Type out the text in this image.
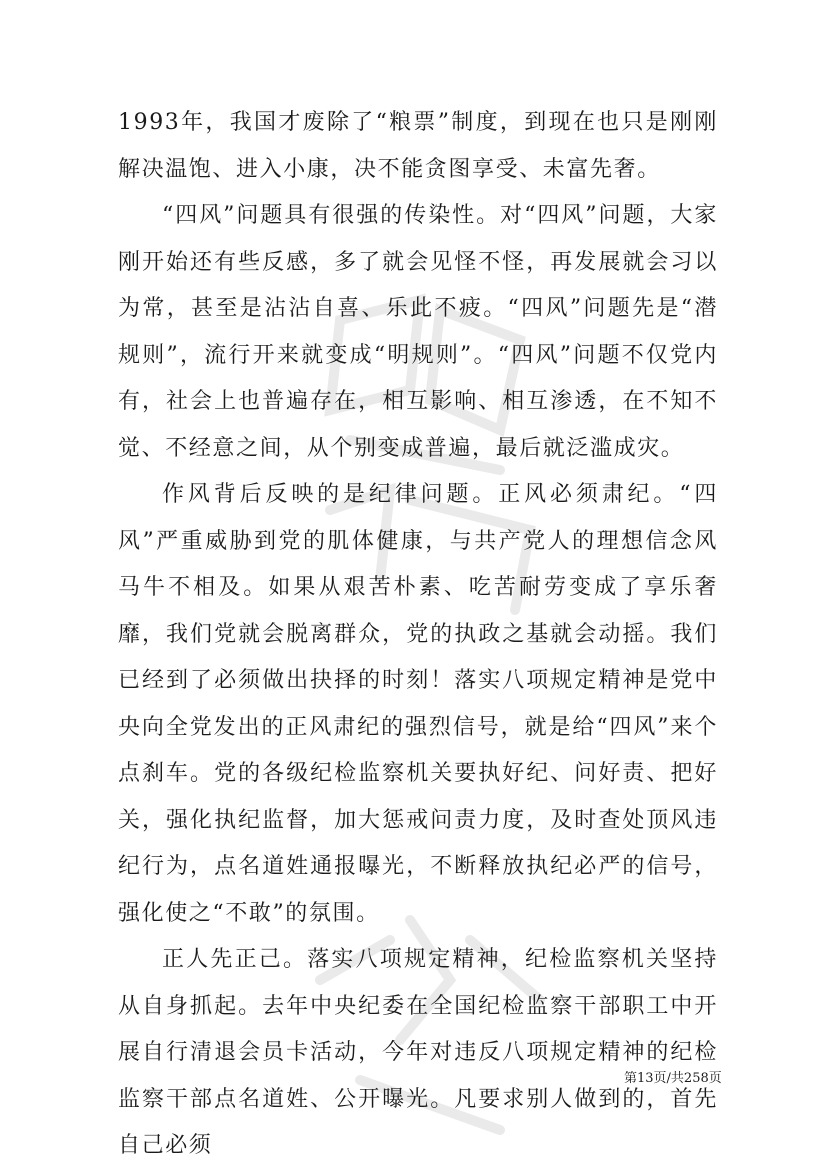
1993年，我国才废除了“粮票”制度，到现在也只是刚刚解决温饱、进入小康，决不能贪图享受、未富先奢。

“四风”问题具有很强的传染性。对“四风”问题，大家刚开始还有些反感，多了就会见怪不怪，再发展就会习以为常，甚至是沾沾自喜、乐此不疲。“四风”问题先是“潜规则”，流行开来就变成“明规则”。“四风”问题不仅党内有，社会上也普遍存在，相互影响、相互渗透，在不知不觉、不经意之间，从个别变成普遍，最后就泛滥成灾。

作风背后反映的是纪律问题。正风必须肃纪。“四风”严重威胁到党的肌体健康，与共产党人的理想信念风马牛不相及。如果从艰苦朴素、吃苦耐劳变成了享乐奢靡，我们党就会脱离群众，党的执政之基就会动摇。我们已经到了必须做出抉择的时刻！落实八项规定精神是党中央向全党发出的正风肃纪的强烈信号，就是给“四风”来个点刹车。党的各级纪检监察机关要执好纪、问好责、把好关，强化执纪监督，加大惩戒问责力度，及时查处顶风违纪行为，点名道姓通报曝光，不断释放执纪必严的信号，强化使之“不敢”的氛围。

正人先正己。落实八项规定精神，纪检监察机关坚持从自身抓起。去年中央纪委在全国纪检监察干部职工中开展自行清退会员卡活动，今年对违反八项规定精神的纪检监察干部点名道姓、公开曝光。凡要求别人做到的，首先自己必须

第13页/共258页
